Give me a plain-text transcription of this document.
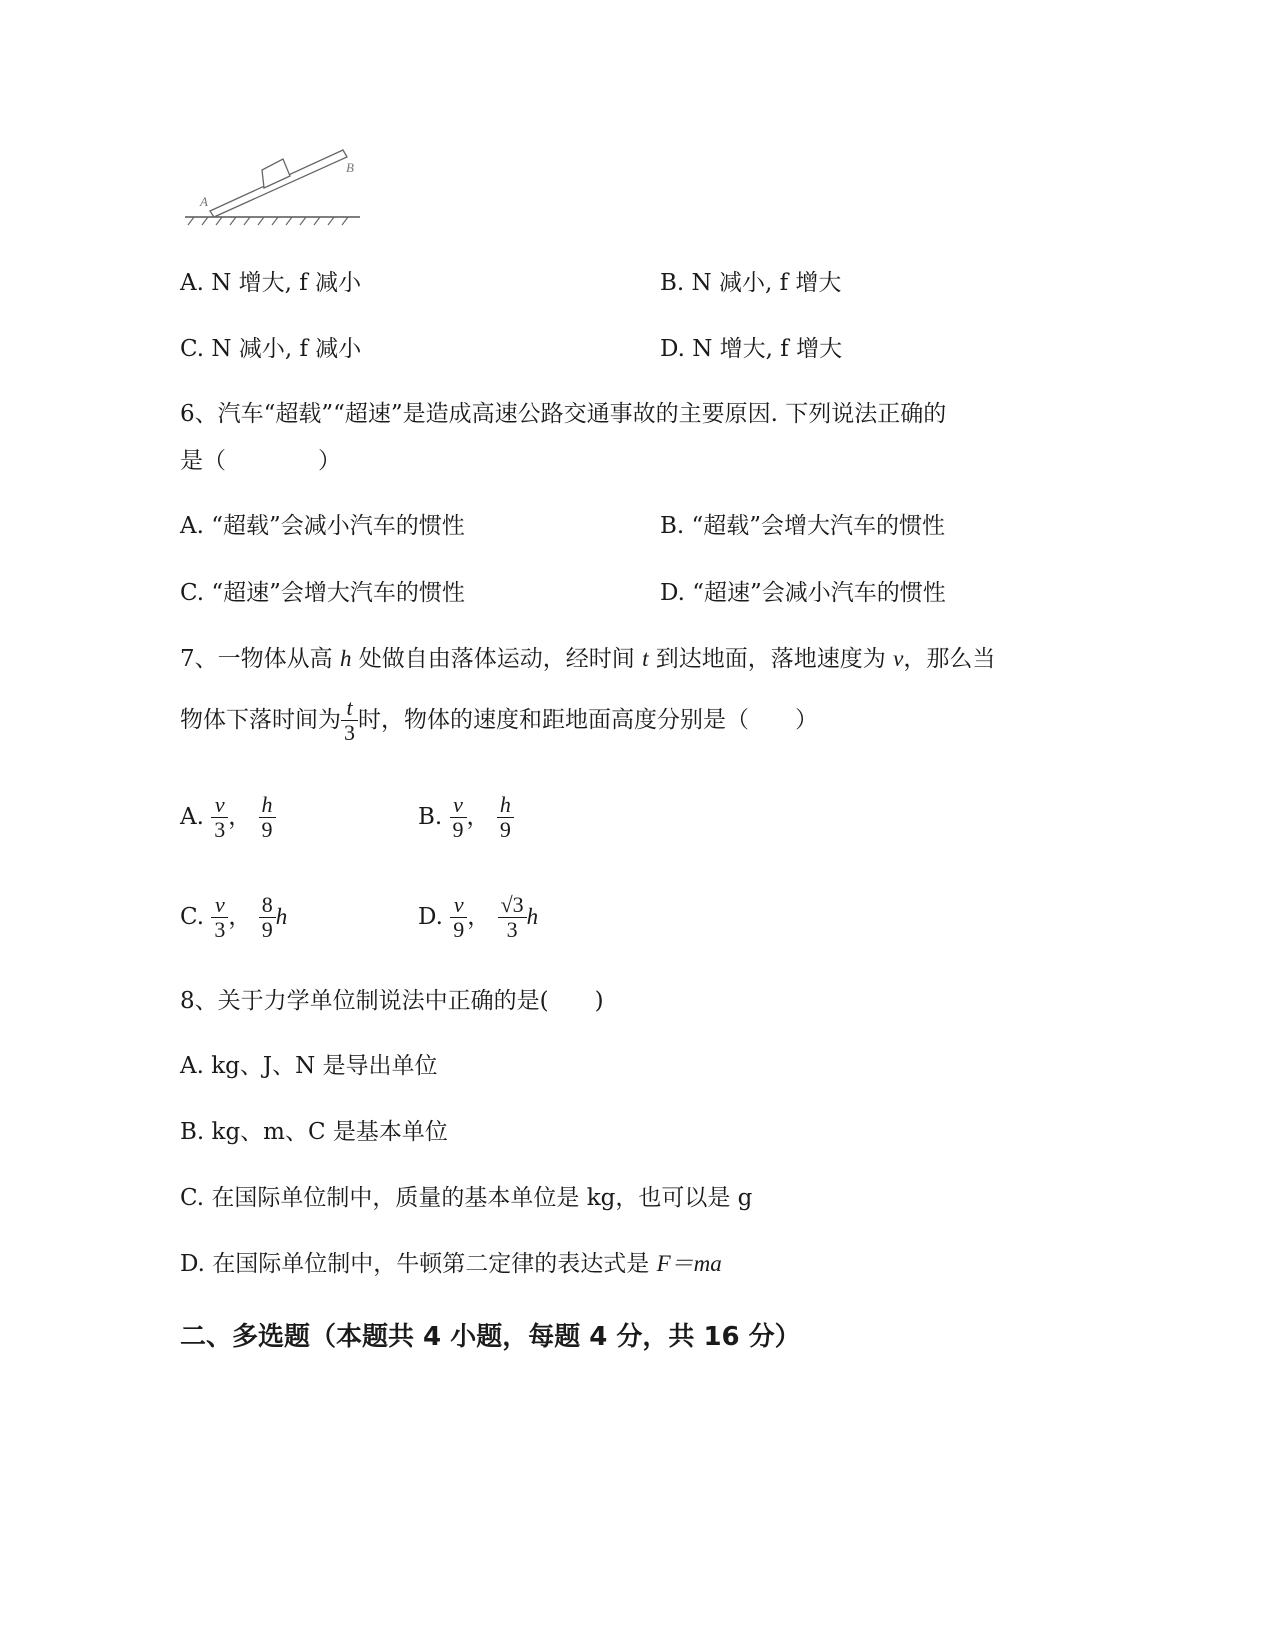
A
B
A. N 增大, f 减小	B. N 减小, f 增大
C. N 减小, f 减小	D. N 增大, f 增大
6、汽车“超载”“超速”是造成高速公路交通事故的主要原因. 下列说法正确的
是（　　　　）
A. “超载”会减小汽车的惯性	B. “超载”会增大汽车的惯性
C. “超速”会增大汽车的惯性	D. “超速”会减小汽车的惯性
7、一物体从高 h 处做自由落体运动，经时间 t 到达地面，落地速度为 v，那么当
物体下落时间为 $\frac{t}{3}$ 时，物体的速度和距地面高度分别是（　　）
A. $\frac{v}{3}$ ， $\frac{h}{9}$	B. $\frac{v}{9}$ ， $\frac{h}{9}$
C. $\frac{v}{3}$ ， $\frac{8}{9}$ h	D. $\frac{v}{9}$ ， $\frac{√3}{3}$ h
8、关于力学单位制说法中正确的是(　　)
A. kg、J、N 是导出单位
B. kg、m、C 是基本单位
C. 在国际单位制中，质量的基本单位是 kg，也可以是 g
D. 在国际单位制中，牛顿第二定律的表达式是 F＝ma
二、多选题（本题共 4 小题，每题 4 分，共 16 分）
